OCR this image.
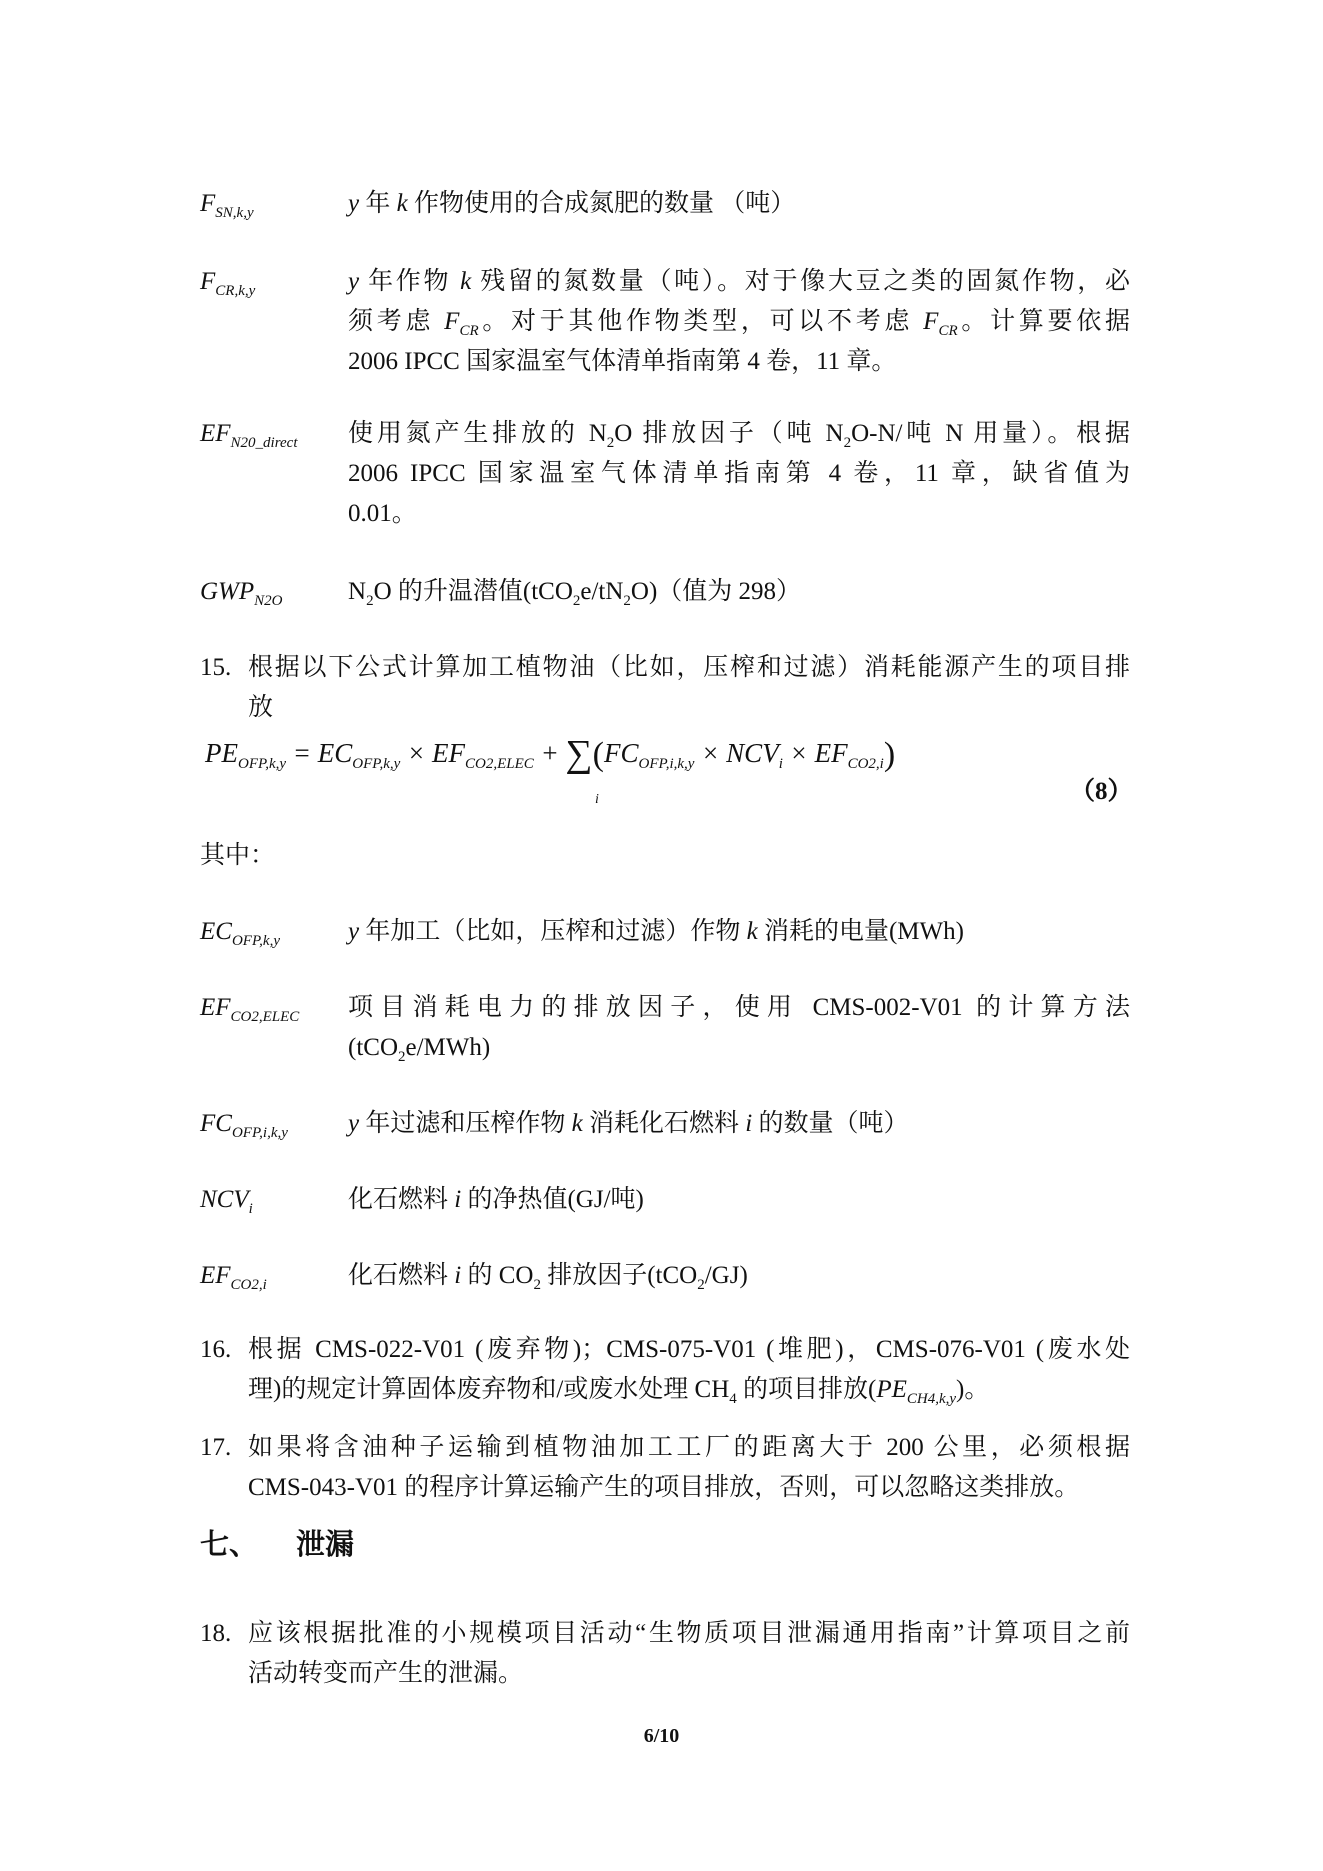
$F_{SN,k,y}$	y 年 k 作物使用的合成氮肥的数量 （吨）
$F_{CR,k,y}$	y 年作物 k 残留的氮数量（吨）。对于像大豆之类的固氮作物，必
须考虑 $F_{CR}$。对于其他作物类型，可以不考虑 $F_{CR}$。计算要依据
2006 IPCC 国家温室气体清单指南第 4 卷，11 章。
$EF_{N20\_direct}$	使用氮产生排放的 $N_2O$ 排放因子（吨 $N_2O-N/$吨 N 用量）。根据
2006 IPCC 国家温室气体清单指南第 4 卷，11 章，缺省值为
0.01。
$GWP_{N2O}$	$N_2O$ 的升温潜值$(tCO_2e/tN_2O)$（值为 298）
15. 根据以下公式计算加工植物油（比如，压榨和过滤）消耗能源产生的项目排
放
$PE_{OFP,k,y} = EC_{OFP,k,y} \times EF_{CO2,ELEC} + \sum(FC_{OFP,i,k,y} \times NCV_i \times EF_{CO2,i})$
i	（8）
其中：
$EC_{OFP,k,y}$	y 年加工（比如，压榨和过滤）作物 k 消耗的电量(MWh)
$EF_{CO2,ELEC}$	项目消耗电力的排放因子，使用 CMS-002-V01 的计算方法
(tCO$_2$e/MWh)
$FC_{OFP,i,k,y}$	y 年过滤和压榨作物 k 消耗化石燃料 i 的数量（吨）
$NCV_i$	化石燃料 i 的净热值(GJ/吨)
$EF_{CO2,i}$	化石燃料 i 的 $CO_2$ 排放因子(tCO$_2$/GJ)
16. 根据 CMS-022-V01 (废弃物)；CMS-075-V01 (堆肥)，CMS-076-V01 (废水处
理)的规定计算固体废弃物和/或废水处理 $CH_4$ 的项目排放$(PE_{CH4,k,y})$。
17. 如果将含油种子运输到植物油加工工厂的距离大于 200 公里，必须根据
CMS-043-V01 的程序计算运输产生的项目排放，否则，可以忽略这类排放。
七、 泄漏
18. 应该根据批准的小规模项目活动“生物质项目泄漏通用指南”计算项目之前
活动转变而产生的泄漏。
6/10
